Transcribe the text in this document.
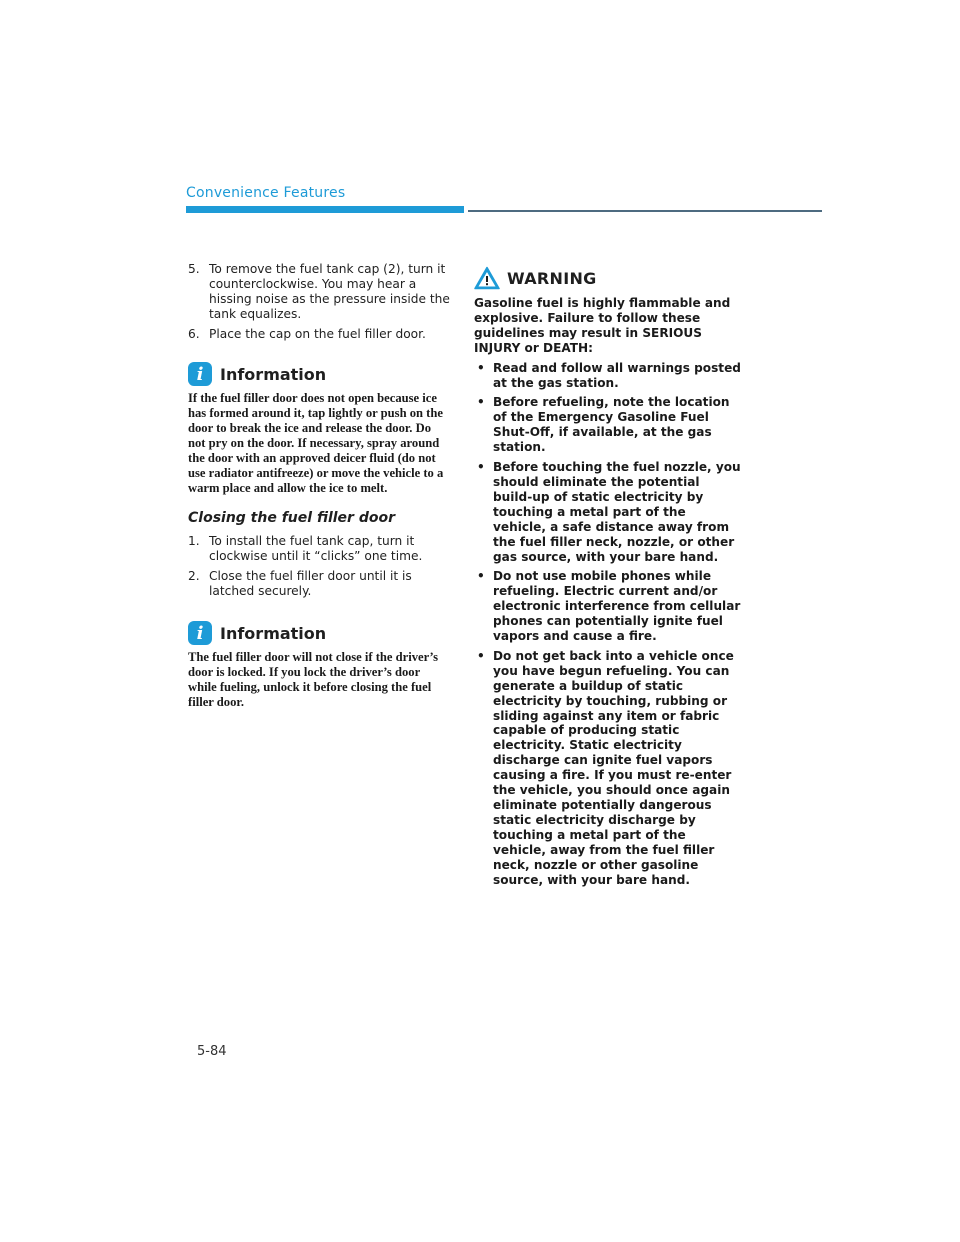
Convenience Features
5. To remove the fuel tank cap (2), turn it counterclockwise. You may hear a hissing noise as the pressure inside the tank equalizes.
6. Place the cap on the fuel filler door.
i	Information
If the fuel filler door does not open because ice has formed around it, tap lightly or push on the door to break the ice and release the door. Do not pry on the door. If necessary, spray around the door with an approved deicer fluid (do not use radiator antifreeze) or move the vehicle to a warm place and allow the ice to melt.
Closing the fuel filler door
1. To install the fuel tank cap, turn it clockwise until it “clicks” one time.
2. Close the fuel filler door until it is latched securely.
i	Information
The fuel filler door will not close if the driver’s door is locked. If you lock the driver’s door while fueling, unlock it before closing the fuel filler door.
WARNING
Gasoline fuel is highly flammable and explosive. Failure to follow these guidelines may result in SERIOUS INJURY or DEATH:
• Read and follow all warnings posted at the gas station.
• Before refueling, note the location of the Emergency Gasoline Fuel Shut-Off, if available, at the gas station.
• Before touching the fuel nozzle, you should eliminate the potential build-up of static electricity by touching a metal part of the vehicle, a safe distance away from the fuel filler neck, nozzle, or other gas source, with your bare hand.
• Do not use mobile phones while refueling. Electric current and/or electronic interference from cellular phones can potentially ignite fuel vapors and cause a fire.
• Do not get back into a vehicle once you have begun refueling. You can generate a buildup of static electricity by touching, rubbing or sliding against any item or fabric capable of producing static electricity. Static electricity discharge can ignite fuel vapors causing a fire. If you must re-enter the vehicle, you should once again eliminate potentially dangerous static electricity discharge by touching a metal part of the vehicle, away from the fuel filler neck, nozzle or other gasoline source, with your bare hand.
5-84
